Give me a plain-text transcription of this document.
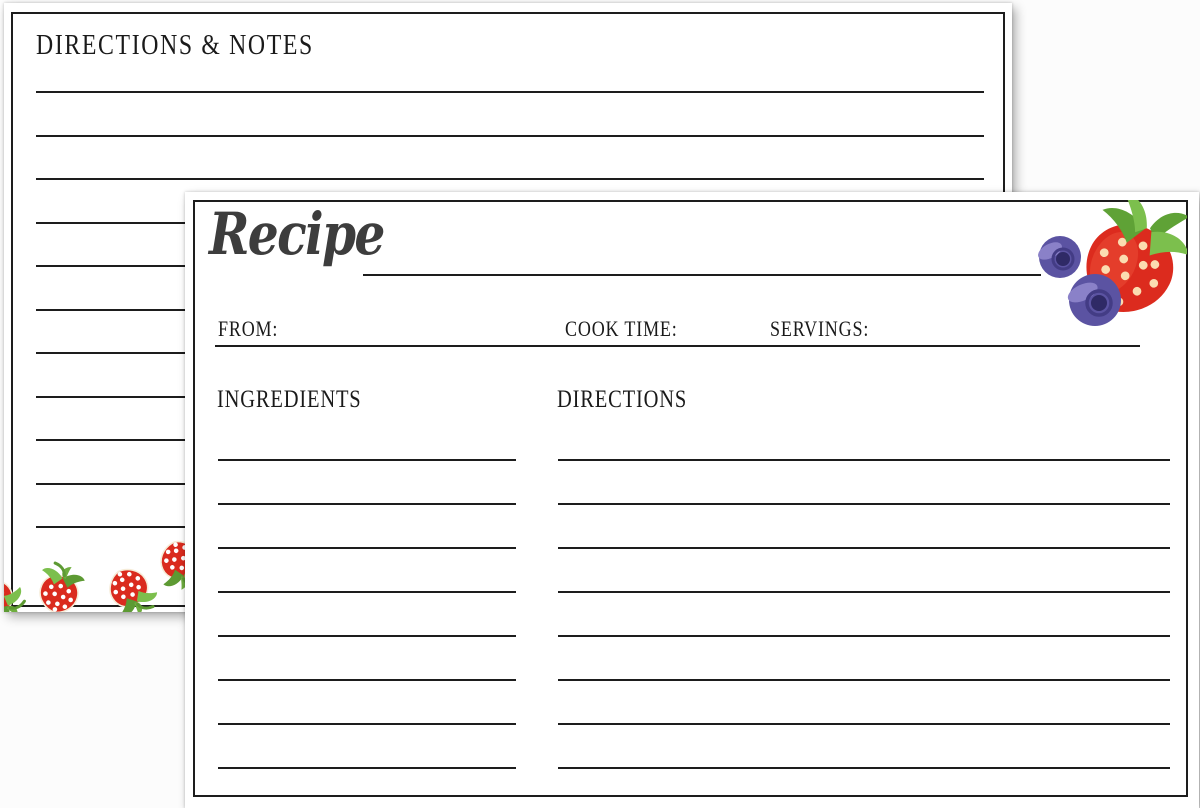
DIRECTIONS & NOTES
Recipe
FROM:	COOK TIME:	SERVINGS:
INGREDIENTS	DIRECTIONS
